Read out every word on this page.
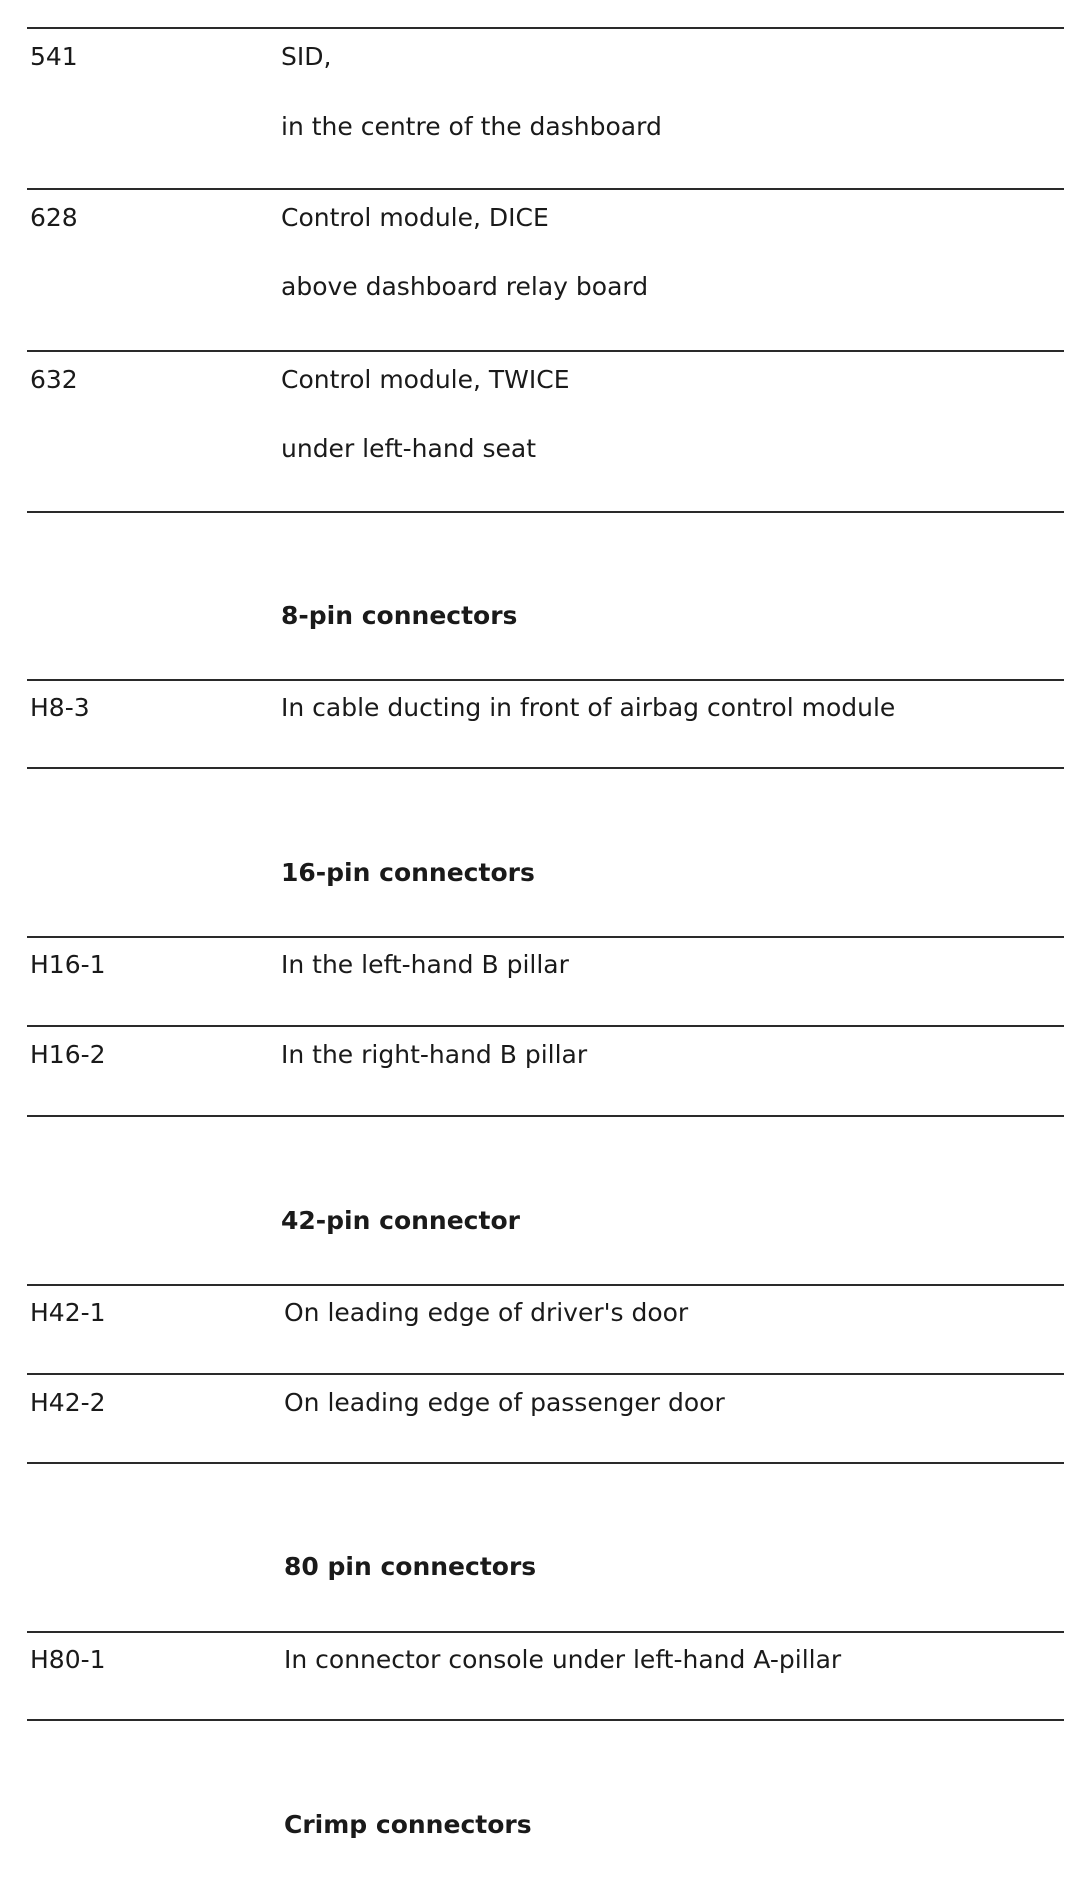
541	SID,
in the centre of the dashboard
628	Control module, DICE
above dashboard relay board
632	Control module, TWICE
under left-hand seat
8-pin connectors
H8-3	In cable ducting in front of airbag control module
16-pin connectors
H16-1	In the left-hand B pillar
H16-2	In the right-hand B pillar
42-pin connector
H42-1	On leading edge of driver's door
H42-2	On leading edge of passenger door
80 pin connectors
H80-1	In connector console under left-hand A-pillar
Crimp connectors
